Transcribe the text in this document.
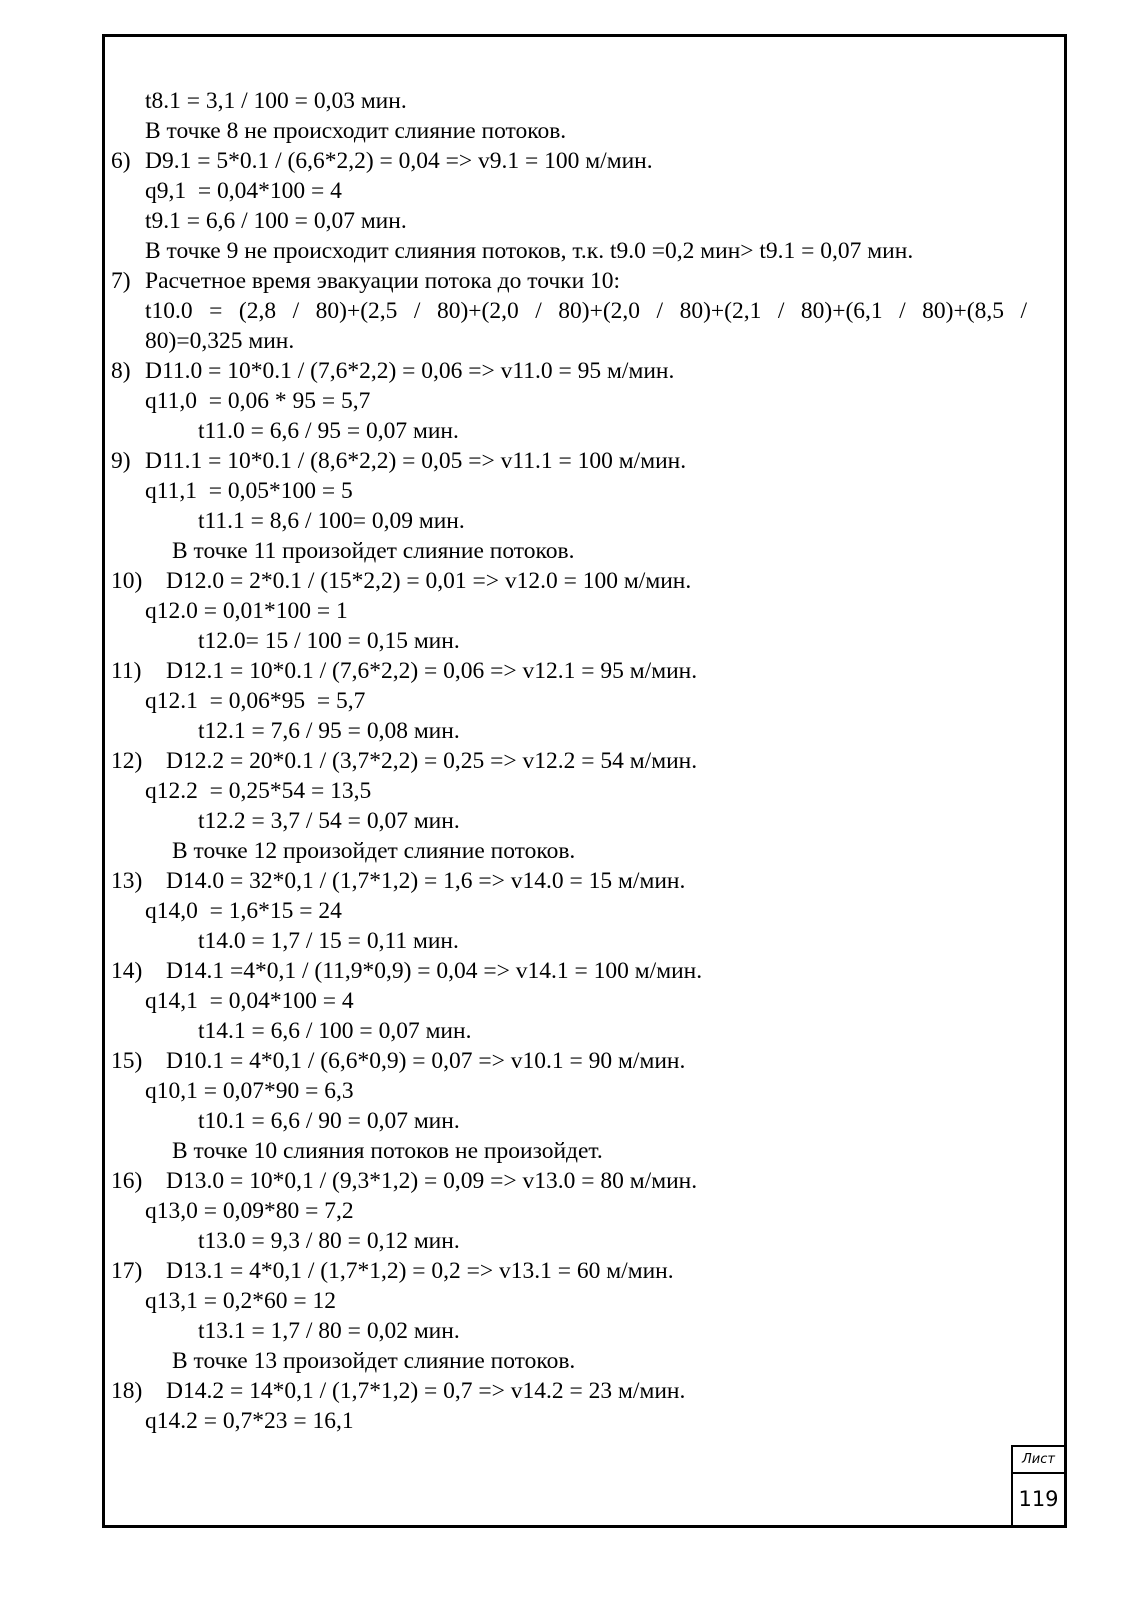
t8.1 = 3,1 / 100 = 0,03 мин.
В точке 8 не происходит слияние потоков.
6) D9.1 = 5*0.1 / (6,6*2,2) = 0,04 => v9.1 = 100 м/мин.
q9,1  = 0,04*100 = 4
t9.1 = 6,6 / 100 = 0,07 мин.
В точке 9 не происходит слияния потоков, т.к. t9.0 =0,2 мин> t9.1 = 0,07 мин.
7) Расчетное время эвакуации потока до точки 10:
t10.0 = (2,8 / 80)+(2,5 / 80)+(2,0 / 80)+(2,0 / 80)+(2,1 / 80)+(6,1 / 80)+(8,5 /
80)=0,325 мин.
8) D11.0 = 10*0.1 / (7,6*2,2) = 0,06 => v11.0 = 95 м/мин.
q11,0  = 0,06 * 95 = 5,7
t11.0 = 6,6 / 95 = 0,07 мин.
9) D11.1 = 10*0.1 / (8,6*2,2) = 0,05 => v11.1 = 100 м/мин.
q11,1  = 0,05*100 = 5
t11.1 = 8,6 / 100= 0,09 мин.
В точке 11 произойдет слияние потоков.
10) D12.0 = 2*0.1 / (15*2,2) = 0,01 => v12.0 = 100 м/мин.
q12.0 = 0,01*100 = 1
t12.0= 15 / 100 = 0,15 мин.
11) D12.1 = 10*0.1 / (7,6*2,2) = 0,06 => v12.1 = 95 м/мин.
q12.1  = 0,06*95  = 5,7
t12.1 = 7,6 / 95 = 0,08 мин.
12) D12.2 = 20*0.1 / (3,7*2,2) = 0,25 => v12.2 = 54 м/мин.
q12.2  = 0,25*54 = 13,5
t12.2 = 3,7 / 54 = 0,07 мин.
В точке 12 произойдет слияние потоков.
13) D14.0 = 32*0,1 / (1,7*1,2) = 1,6 => v14.0 = 15 м/мин.
q14,0  = 1,6*15 = 24
t14.0 = 1,7 / 15 = 0,11 мин.
14) D14.1 =4*0,1 / (11,9*0,9) = 0,04 => v14.1 = 100 м/мин.
q14,1  = 0,04*100 = 4
t14.1 = 6,6 / 100 = 0,07 мин.
15) D10.1 = 4*0,1 / (6,6*0,9) = 0,07 => v10.1 = 90 м/мин.
q10,1 = 0,07*90 = 6,3
t10.1 = 6,6 / 90 = 0,07 мин.
В точке 10 слияния потоков не произойдет.
16) D13.0 = 10*0,1 / (9,3*1,2) = 0,09 => v13.0 = 80 м/мин.
q13,0 = 0,09*80 = 7,2
t13.0 = 9,3 / 80 = 0,12 мин.
17) D13.1 = 4*0,1 / (1,7*1,2) = 0,2 => v13.1 = 60 м/мин.
q13,1 = 0,2*60 = 12
t13.1 = 1,7 / 80 = 0,02 мин.
В точке 13 произойдет слияние потоков.
18) D14.2 = 14*0,1 / (1,7*1,2) = 0,7 => v14.2 = 23 м/мин.
q14.2 = 0,7*23 = 16,1
Лист
119
